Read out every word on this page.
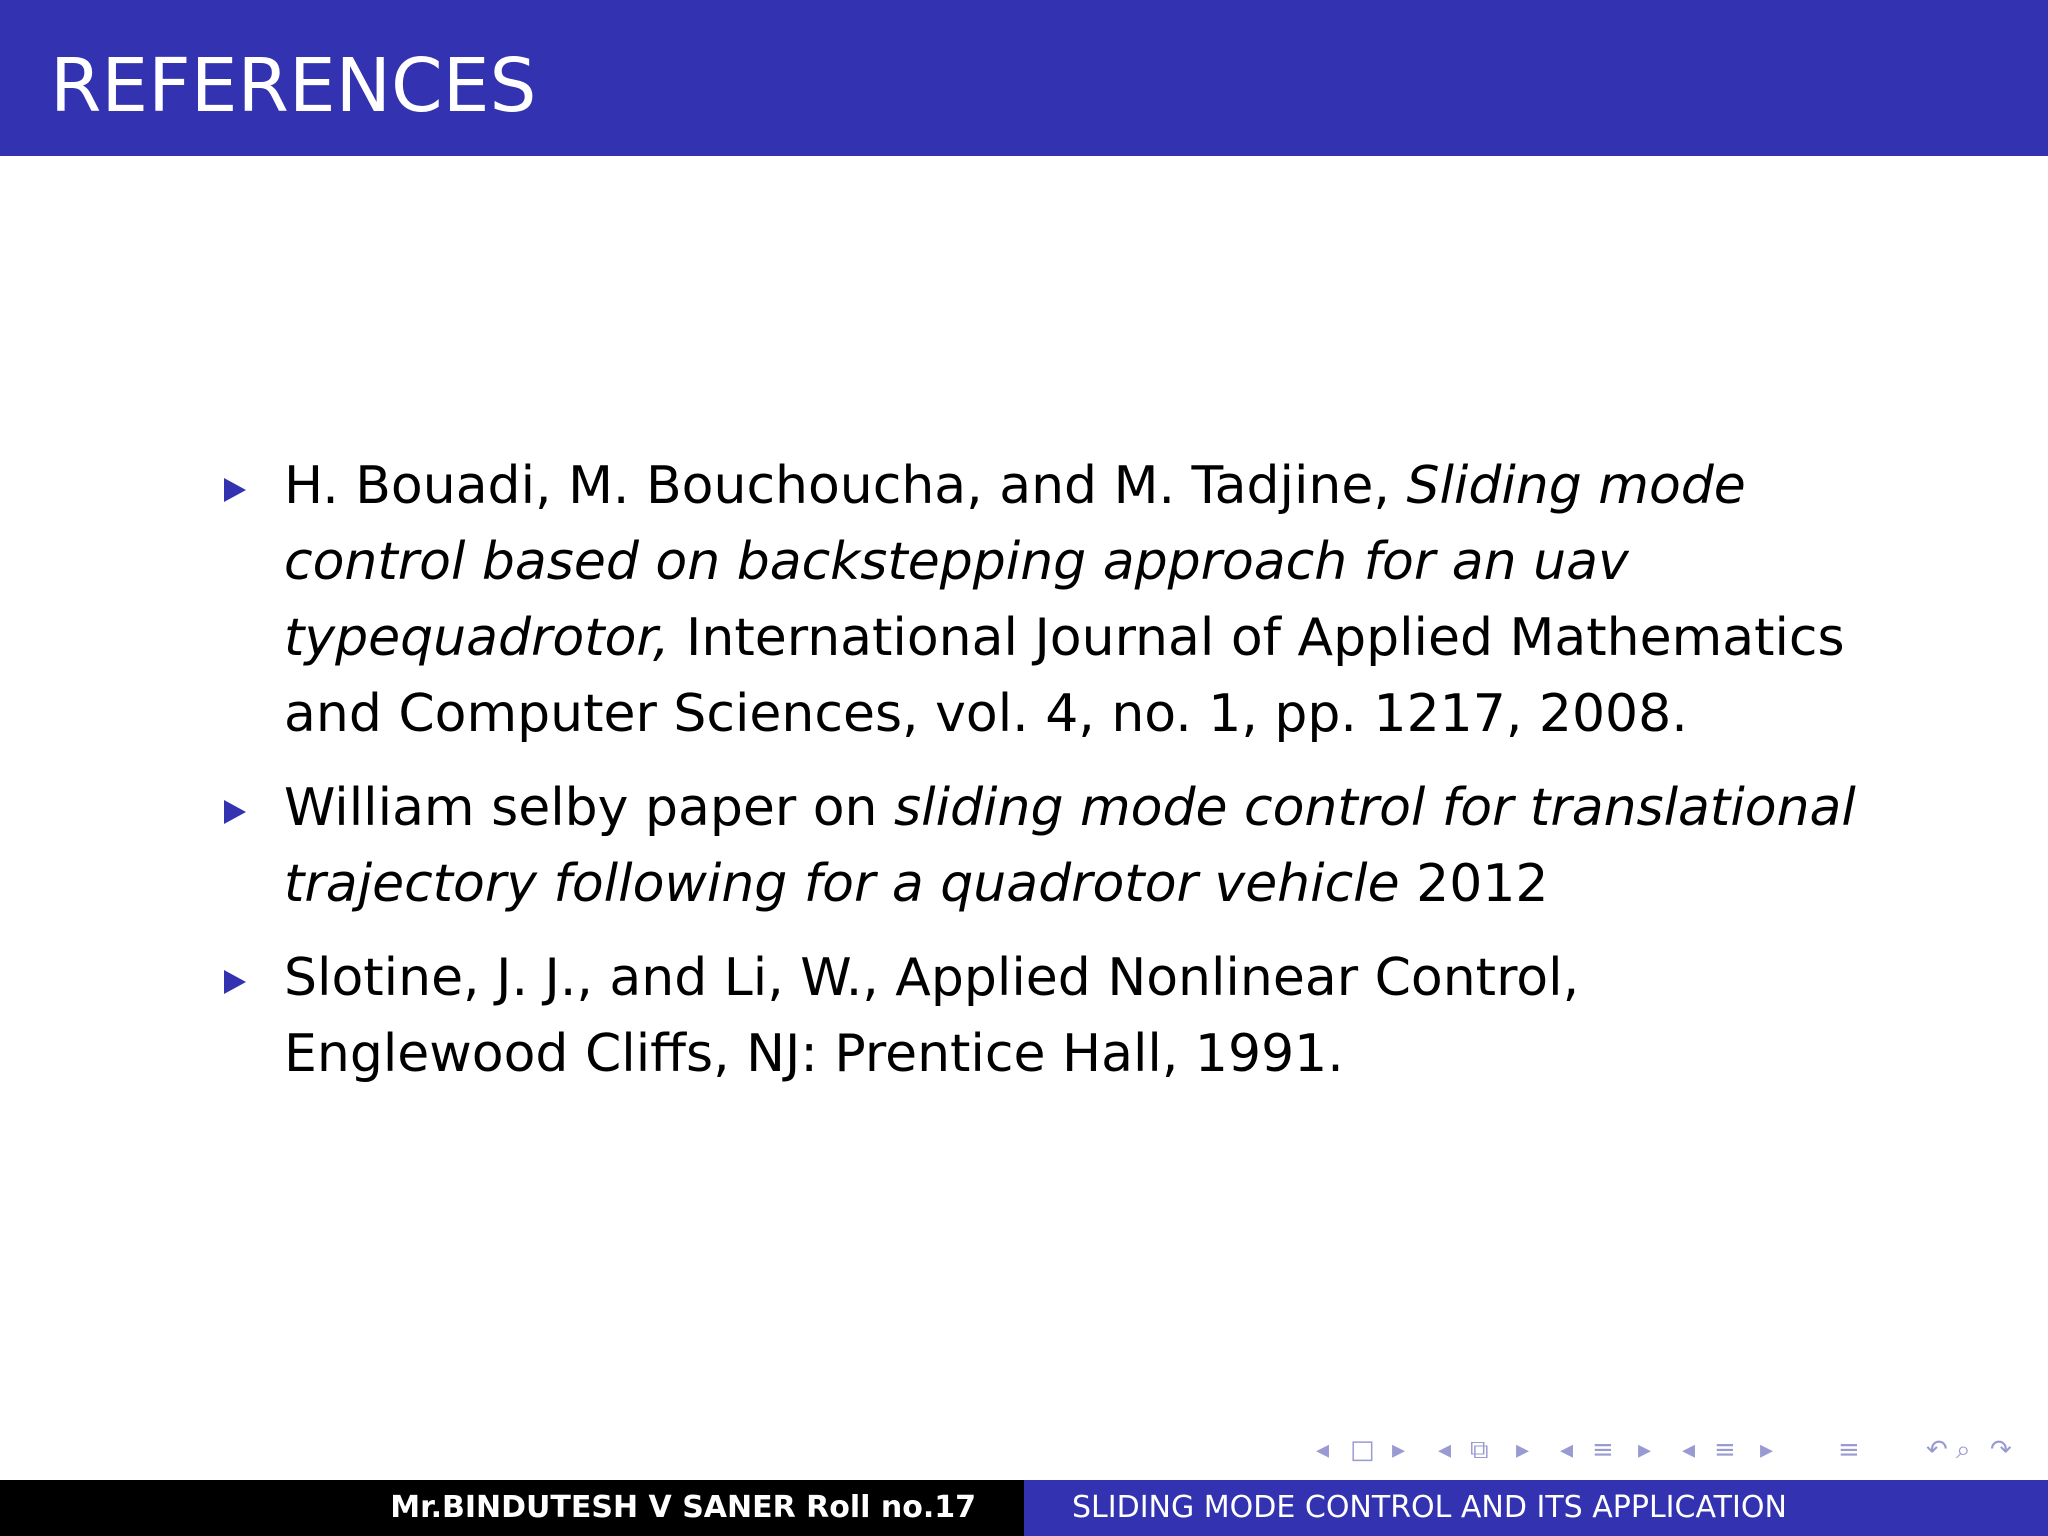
REFERENCES
H. Bouadi, M. Bouchoucha, and M. Tadjine, Sliding mode control based on backstepping approach for an uav typequadrotor, International Journal of Applied Mathematics and Computer Sciences, vol. 4, no. 1, pp. 1217, 2008.
William selby paper on sliding mode control for translational trajectory following for a quadrotor vehicle 2012
Slotine, J. J., and Li, W., Applied Nonlinear Control, Englewood Cliffs, NJ: Prentice Hall, 1991.
◂ □ ▸ ◂ ⧉ ▸ ◂ ≡ ▸ ◂ ≡ ▸ ≡	↶ ⌕ ↷
Mr.BINDUTESH V SANER Roll no.17	SLIDING MODE CONTROL AND ITS APPLICATION
